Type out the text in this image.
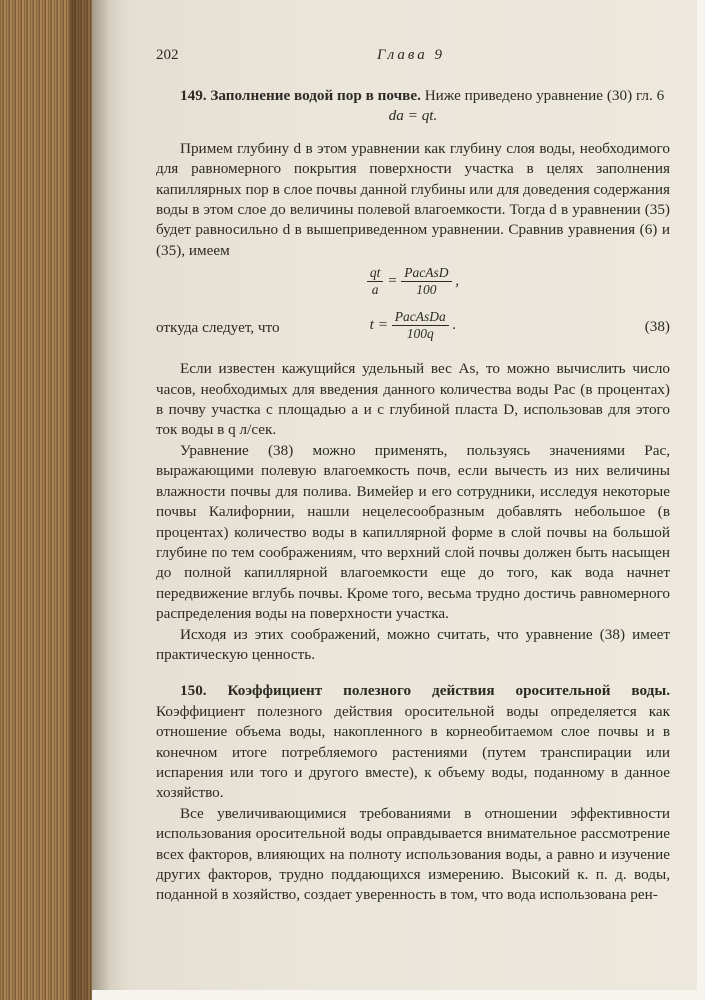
202	Глава 9

149. Заполнение водой пор в почве. Ниже приведено уравнение (30) гл. 6

da = qt.

Примем глубину d в этом уравнении как глубину слоя воды, необходимого для равномерного покрытия поверхности участка в целях заполнения капиллярных пор в слое почвы данной глубины или для доведения содержания воды в этом слое до величины полевой влагоемкости. Тогда d в уравнении (35) будет равносильно d в вышеприведенном уравнении. Сравнив уравнения (6) и (35), имеем

$\frac{qt}{a} = \frac{\text{PacAsD}}{100}$ ,
откуда следует, что	$t = \frac{\text{PacAsDa}}{100q}$ .	(38)

Если известен кажущийся удельный вес As, то можно вычислить число часов, необходимых для введения данного количества воды Pac (в процентах) в почву участка с площадью a и с глубиной пласта D, использовав для этого ток воды в q л/сек.

Уравнение (38) можно применять, пользуясь значениями Pac, выражающими полевую влагоемкость почв, если вычесть из них величины влажности почвы для полива. Вимейер и его сотрудники, исследуя некоторые почвы Калифорнии, нашли нецелесообразным добавлять небольшое (в процентах) количество воды в капиллярной форме в слой почвы на большой глубине по тем соображениям, что верхний слой почвы должен быть насыщен до полной капиллярной влагоемкости еще до того, как вода начнет передвижение вглубь почвы. Кроме того, весьма трудно достичь равномерного распределения воды на поверхности участка.

Исходя из этих соображений, можно считать, что уравнение (38) имеет практическую ценность.

150. Коэффициент полезного действия оросительной воды. Коэффициент полезного действия оросительной воды определяется как отношение объема воды, накопленного в корнеобитаемом слое почвы и в конечном итоге потребляемого растениями (путем транспирации или испарения или того и другого вместе), к объему воды, поданному в данное хозяйство.

Все увеличивающимися требованиями в отношении эффективности использования оросительной воды оправдывается внимательное рассмотрение всех факторов, влияющих на полноту использования воды, а равно и изучение других факторов, трудно поддающихся измерению. Высокий к. п. д. воды, поданной в хозяйство, создает уверенность в том, что вода использована рен-
